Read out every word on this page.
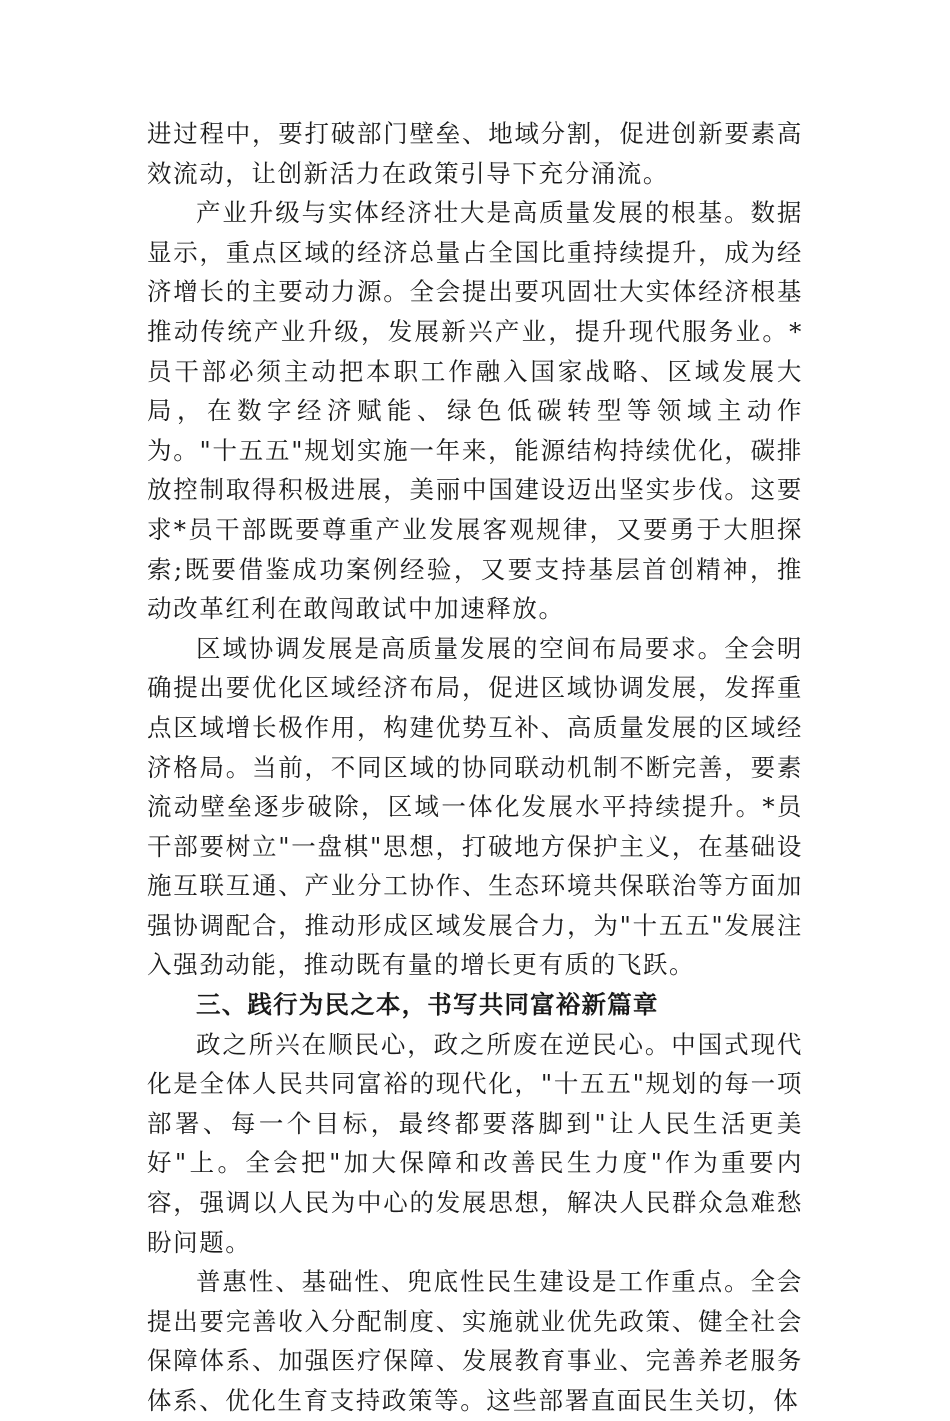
进过程中，要打破部门壁垒、地域分割，促进创新要素高效流动，让创新活力在政策引导下充分涌流。

产业升级与实体经济壮大是高质量发展的根基。数据显示，重点区域的经济总量占全国比重持续提升，成为经济增长的主要动力源。全会提出要巩固壮大实体经济根基推动传统产业升级，发展新兴产业，提升现代服务业。*员干部必须主动把本职工作融入国家战略、区域发展大局，在数字经济赋能、绿色低碳转型等领域主动作为。"十五五"规划实施一年来，能源结构持续优化，碳排放控制取得积极进展，美丽中国建设迈出坚实步伐。这要求*员干部既要尊重产业发展客观规律，又要勇于大胆探索;既要借鉴成功案例经验，又要支持基层首创精神，推动改革红利在敢闯敢试中加速释放。

区域协调发展是高质量发展的空间布局要求。全会明确提出要优化区域经济布局，促进区域协调发展，发挥重点区域增长极作用，构建优势互补、高质量发展的区域经济格局。当前，不同区域的协同联动机制不断完善，要素流动壁垒逐步破除，区域一体化发展水平持续提升。*员干部要树立"一盘棋"思想，打破地方保护主义，在基础设施互联互通、产业分工协作、生态环境共保联治等方面加强协调配合，推动形成区域发展合力，为"十五五"发展注入强劲动能，推动既有量的增长更有质的飞跃。

三、践行为民之本，书写共同富裕新篇章

政之所兴在顺民心，政之所废在逆民心。中国式现代化是全体人民共同富裕的现代化，"十五五"规划的每一项部署、每一个目标，最终都要落脚到"让人民生活更美好"上。全会把"加大保障和改善民生力度"作为重要内容，强调以人民为中心的发展思想，解决人民群众急难愁盼问题。

普惠性、基础性、兜底性民生建设是工作重点。全会提出要完善收入分配制度、实施就业优先政策、健全社会保障体系、加强医疗保障、发展教育事业、完善养老服务体系、优化生育支持政策等。这些部署直面民生关切，体
